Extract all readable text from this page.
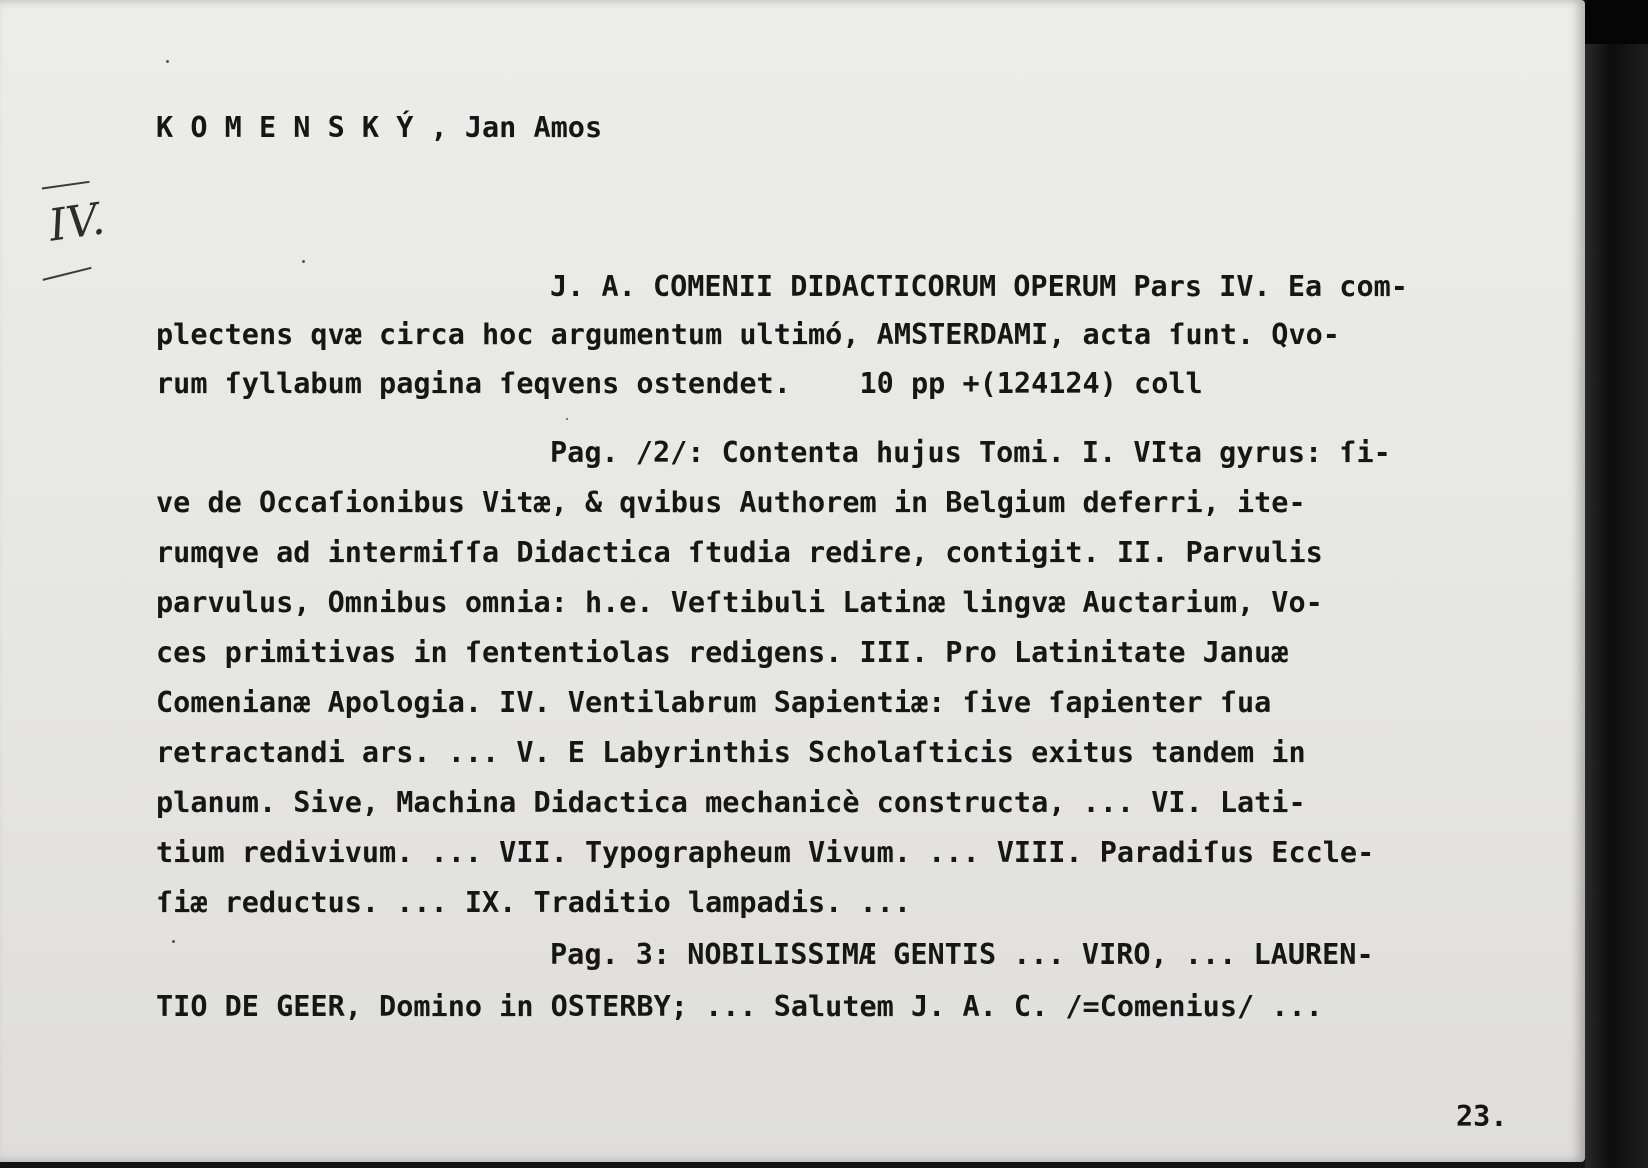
K O M E N S K Ý , Jan Amos
IV.
J. A. COMENII DIDACTICORUM OPERUM Pars IV. Ea com-
plectens qvæ circa hoc argumentum ultimó, AMSTERDAMI, acta ſunt. Qvo-
rum ſyllabum pagina ſeqvens ostendet.    10 pp +(124124) coll
Pag. /2/: Contenta hujus Tomi. I. VIta gyrus: ſi-
ve de Occaſionibus Vitæ, & qvibus Authorem in Belgium deferri, ite-
rumqve ad intermiſſa Didactica ſtudia redire, contigit. II. Parvulis
parvulus, Omnibus omnia: h.e. Veſtibuli Latinæ lingvæ Auctarium, Vo-
ces primitivas in ſententiolas redigens. III. Pro Latinitate Januæ
Comenianæ Apologia. IV. Ventilabrum Sapientiæ: ſive ſapienter ſua
retractandi ars. ... V. E Labyrinthis Scholaſticis exitus tandem in
planum. Sive, Machina Didactica mechanicè constructa, ... VI. Lati-
tium redivivum. ... VII. Typographeum Vivum. ... VIII. Paradiſus Eccle-
ſiæ reductus. ... IX. Traditio lampadis. ...
Pag. 3: NOBILISSIMÆ GENTIS ... VIRO, ... LAUREN-
TIO DE GEER, Domino in OSTERBY; ... Salutem J. A. C. /=Comenius/ ...
23.
